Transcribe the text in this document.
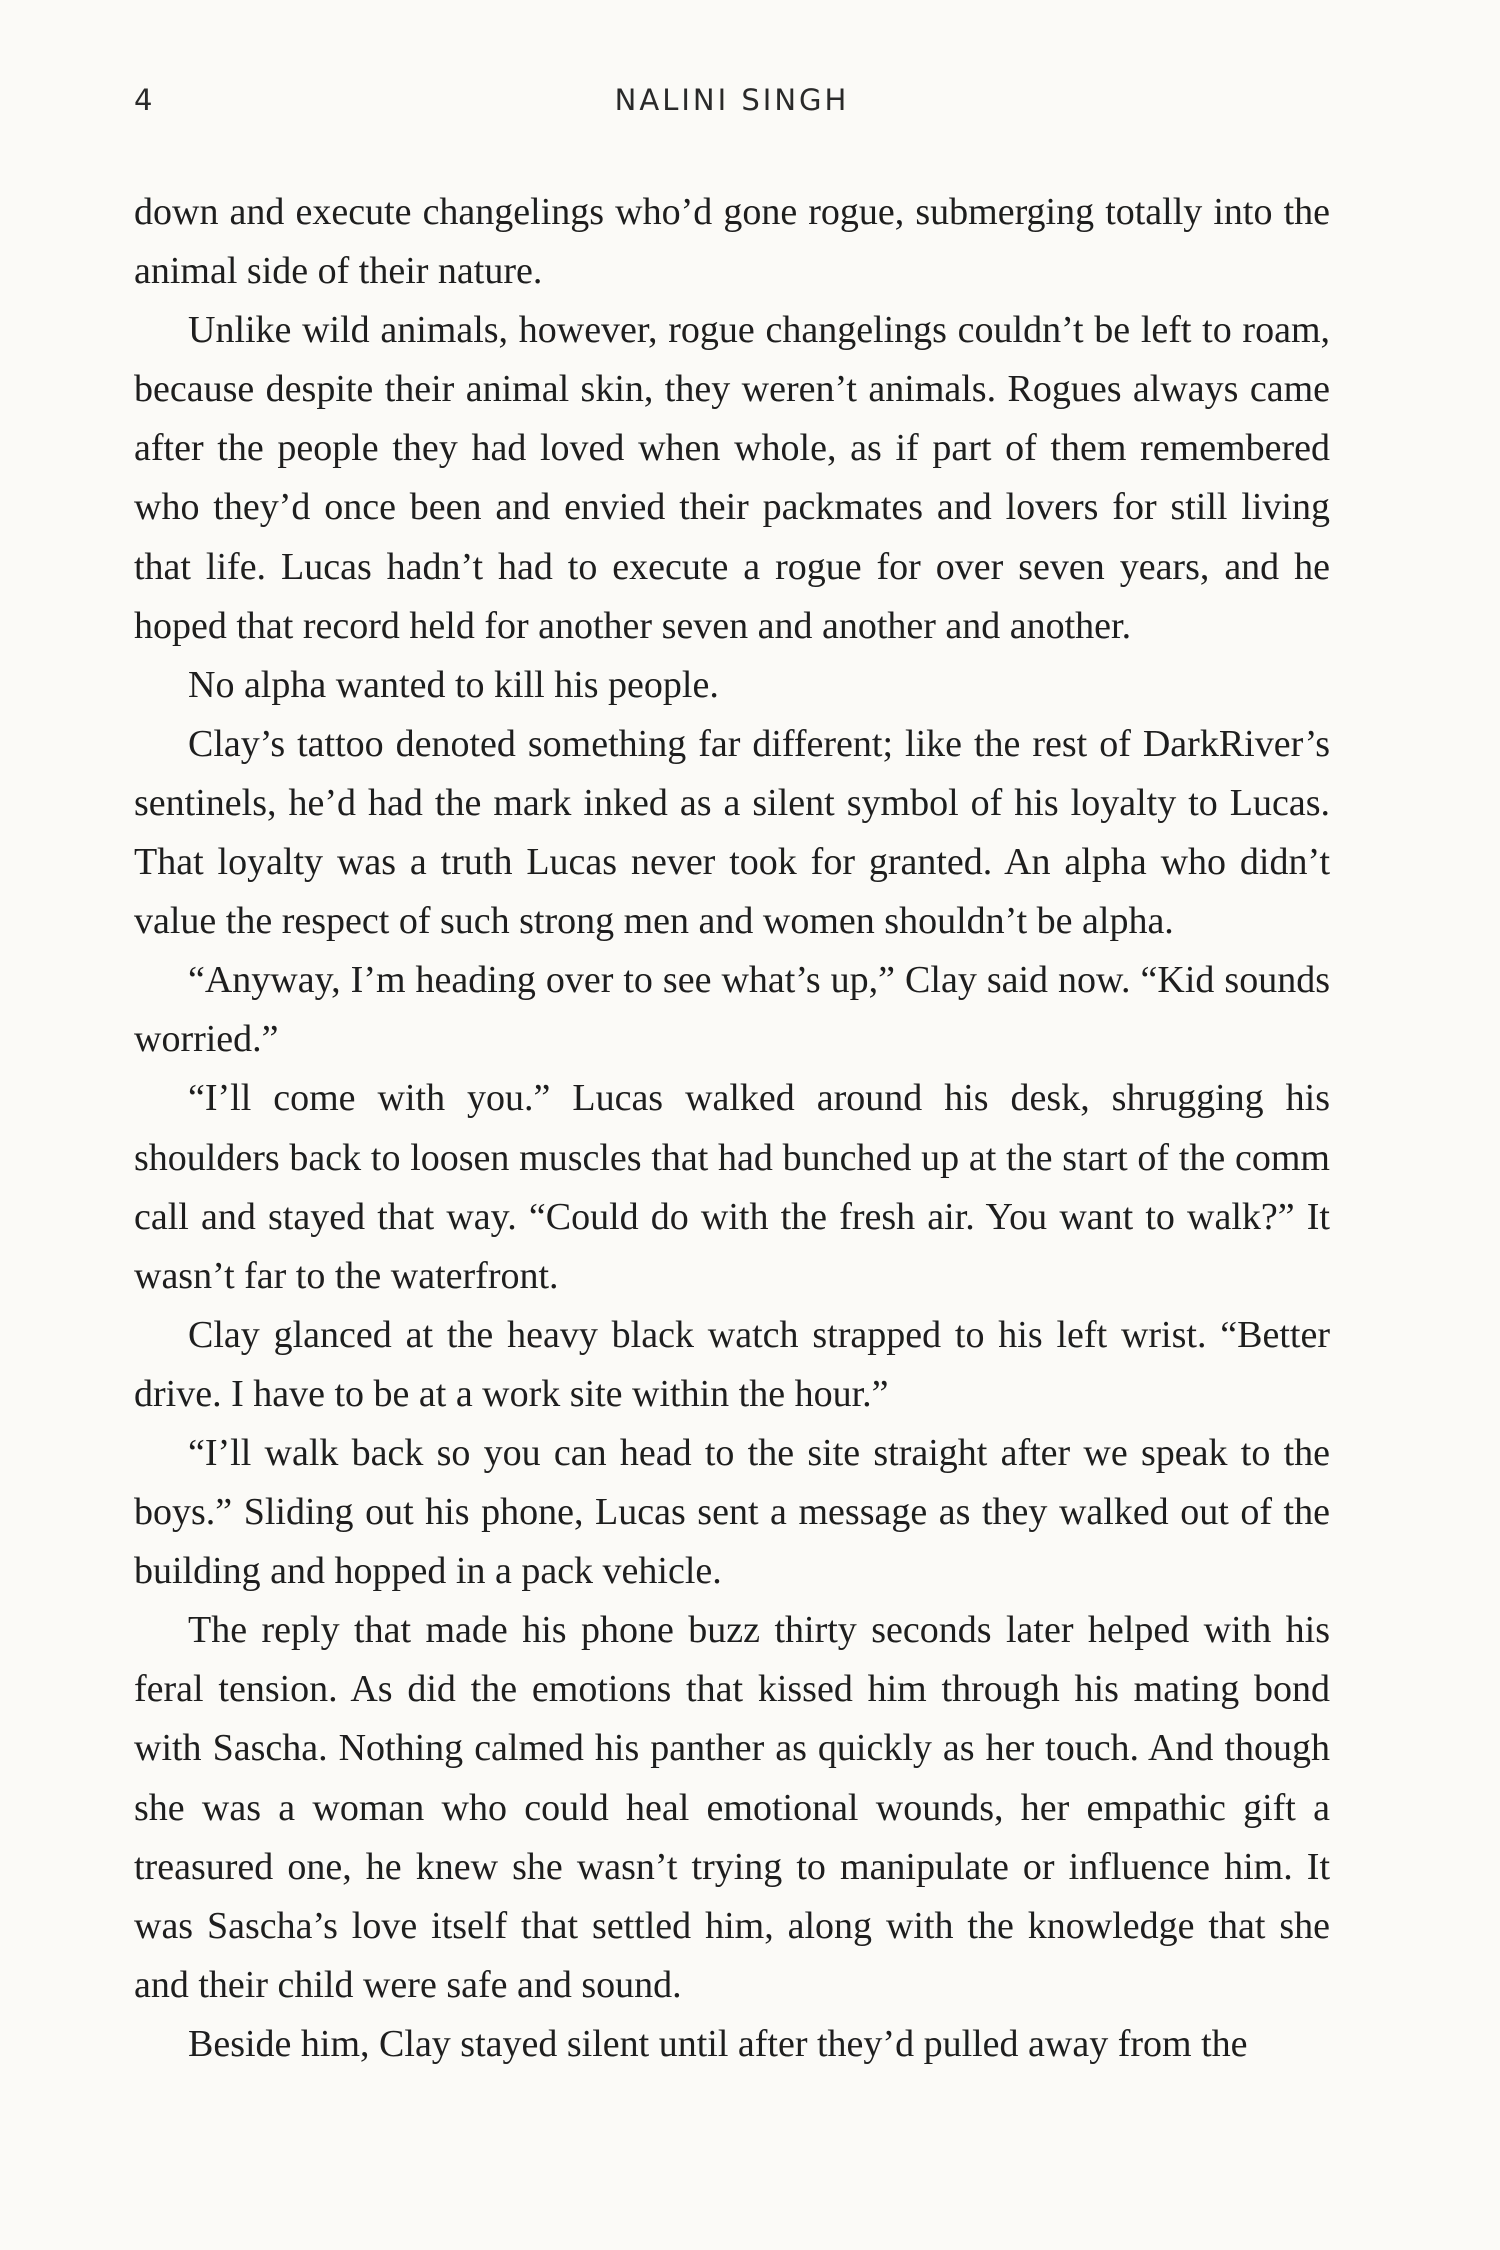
4	NALINI SINGH

down and execute changelings who’d gone rogue, submerging totally into the animal side of their nature.

Unlike wild animals, however, rogue changelings couldn’t be left to roam, because despite their animal skin, they weren’t animals. Rogues always came after the people they had loved when whole, as if part of them remembered who they’d once been and envied their packmates and lovers for still living that life. Lucas hadn’t had to execute a rogue for over seven years, and he hoped that record held for another seven and another and another.

No alpha wanted to kill his people.

Clay’s tattoo denoted something far different; like the rest of DarkRiver’s sentinels, he’d had the mark inked as a silent symbol of his loyalty to Lucas. That loyalty was a truth Lucas never took for granted. An alpha who didn’t value the respect of such strong men and women shouldn’t be alpha.

“Anyway, I’m heading over to see what’s up,” Clay said now. “Kid sounds worried.”

“I’ll come with you.” Lucas walked around his desk, shrugging his shoulders back to loosen muscles that had bunched up at the start of the comm call and stayed that way. “Could do with the fresh air. You want to walk?” It wasn’t far to the waterfront.

Clay glanced at the heavy black watch strapped to his left wrist. “Better drive. I have to be at a work site within the hour.”

“I’ll walk back so you can head to the site straight after we speak to the boys.” Sliding out his phone, Lucas sent a message as they walked out of the building and hopped in a pack vehicle.

The reply that made his phone buzz thirty seconds later helped with his feral tension. As did the emotions that kissed him through his mating bond with Sascha. Nothing calmed his panther as quickly as her touch. And though she was a woman who could heal emotional wounds, her empathic gift a treasured one, he knew she wasn’t trying to manipulate or influence him. It was Sascha’s love itself that settled him, along with the knowledge that she and their child were safe and sound.

Beside him, Clay stayed silent until after they’d pulled away from the
